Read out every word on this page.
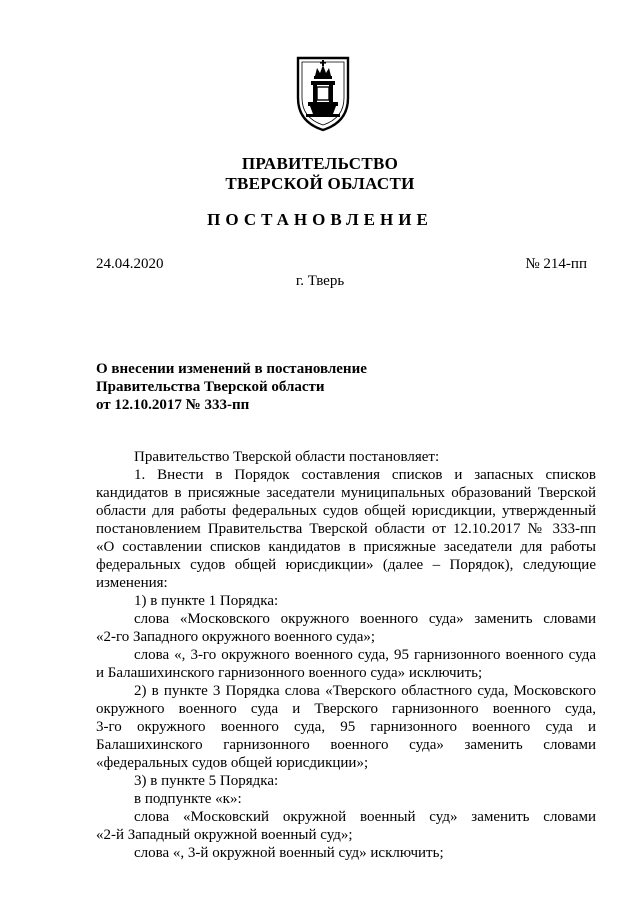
ПРАВИТЕЛЬСТВО
ТВЕРСКОЙ ОБЛАСТИ
ПОСТАНОВЛЕНИЕ
24.04.2020	№ 214-пп
г. Тверь
О внесении изменений в постановление
Правительства Тверской области
от 12.10.2017 № 333-пп

Правительство Тверской области постановляет:

1. Внести в Порядок составления списков и запасных списков

кандидатов в присяжные заседатели муниципальных образований Тверской

области для работы федеральных судов общей юрисдикции, утвержденный

постановлением Правительства Тверской области от 12.10.2017 № 333-пп

«О составлении списков кандидатов в присяжные заседатели для работы

федеральных судов общей юрисдикции» (далее – Порядок), следующие

изменения:

1) в пункте 1 Порядка:

слова «Московского окружного военного суда» заменить словами

«2-го Западного окружного военного суда»;

слова «, 3-го окружного военного суда, 95 гарнизонного военного суда

и Балашихинского гарнизонного военного суда» исключить;

2) в пункте 3 Порядка слова «Тверского областного суда, Московского

окружного военного суда и Тверского гарнизонного военного суда,

3-го окружного военного суда, 95 гарнизонного военного суда и

Балашихинского гарнизонного военного суда» заменить словами

«федеральных судов общей юрисдикции»;

3) в пункте 5 Порядка:

в подпункте «к»:

слова «Московский окружной военный суд» заменить словами

«2-й Западный окружной военный суд»;

слова «, 3-й окружной военный суд» исключить;
